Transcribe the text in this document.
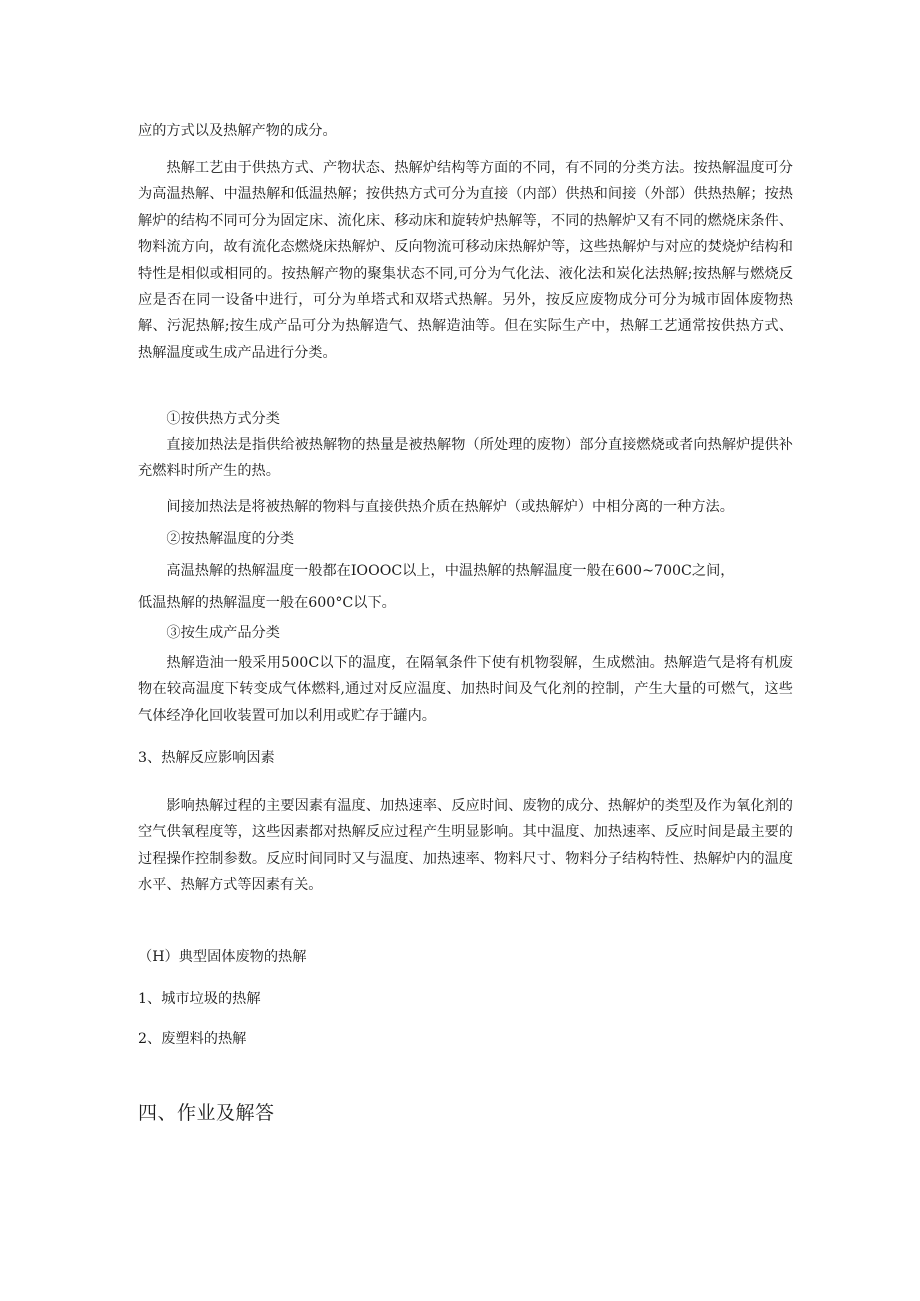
应的方式以及热解产物的成分。

热解工艺由于供热方式、产物状态、热解炉结构等方面的不同，有不同的分类方法。按热解温度可分为高温热解、中温热解和低温热解；按供热方式可分为直接（内部）供热和间接（外部）供热热解；按热解炉的结构不同可分为固定床、流化床、移动床和旋转炉热解等，不同的热解炉又有不同的燃烧床条件、物料流方向，故有流化态燃烧床热解炉、反向物流可移动床热解炉等，这些热解炉与对应的焚烧炉结构和特性是相似或相同的。按热解产物的聚集状态不同,可分为气化法、液化法和炭化法热解;按热解与燃烧反应是否在同一设备中进行，可分为单塔式和双塔式热解。另外，按反应废物成分可分为城市固体废物热解、污泥热解;按生成产品可分为热解造气、热解造油等。但在实际生产中，热解工艺通常按供热方式、热解温度或生成产品进行分类。

①按供热方式分类

直接加热法是指供给被热解物的热量是被热解物（所处理的废物）部分直接燃烧或者向热解炉提供补充燃料时所产生的热。

间接加热法是将被热解的物料与直接供热介质在热解炉（或热解炉）中相分离的一种方法。

②按热解温度的分类

高温热解的热解温度一般都在IOOOC以上，中温热解的热解温度一般在600~700C之间，

低温热解的热解温度一般在600°C以下。

③按生成产品分类

热解造油一般采用500C以下的温度，在隔氧条件下使有机物裂解，生成燃油。热解造气是将有机废物在较高温度下转变成气体燃料,通过对反应温度、加热时间及气化剂的控制，产生大量的可燃气，这些气体经净化回收装置可加以利用或贮存于罐内。

3、热解反应影响因素

影响热解过程的主要因素有温度、加热速率、反应时间、废物的成分、热解炉的类型及作为氧化剂的空气供氧程度等，这些因素都对热解反应过程产生明显影响。其中温度、加热速率、反应时间是最主要的过程操作控制参数。反应时间同时又与温度、加热速率、物料尺寸、物料分子结构特性、热解炉内的温度水平、热解方式等因素有关。

（H）典型固体废物的热解

1、城市垃圾的热解

2、废塑料的热解

四、作业及解答
